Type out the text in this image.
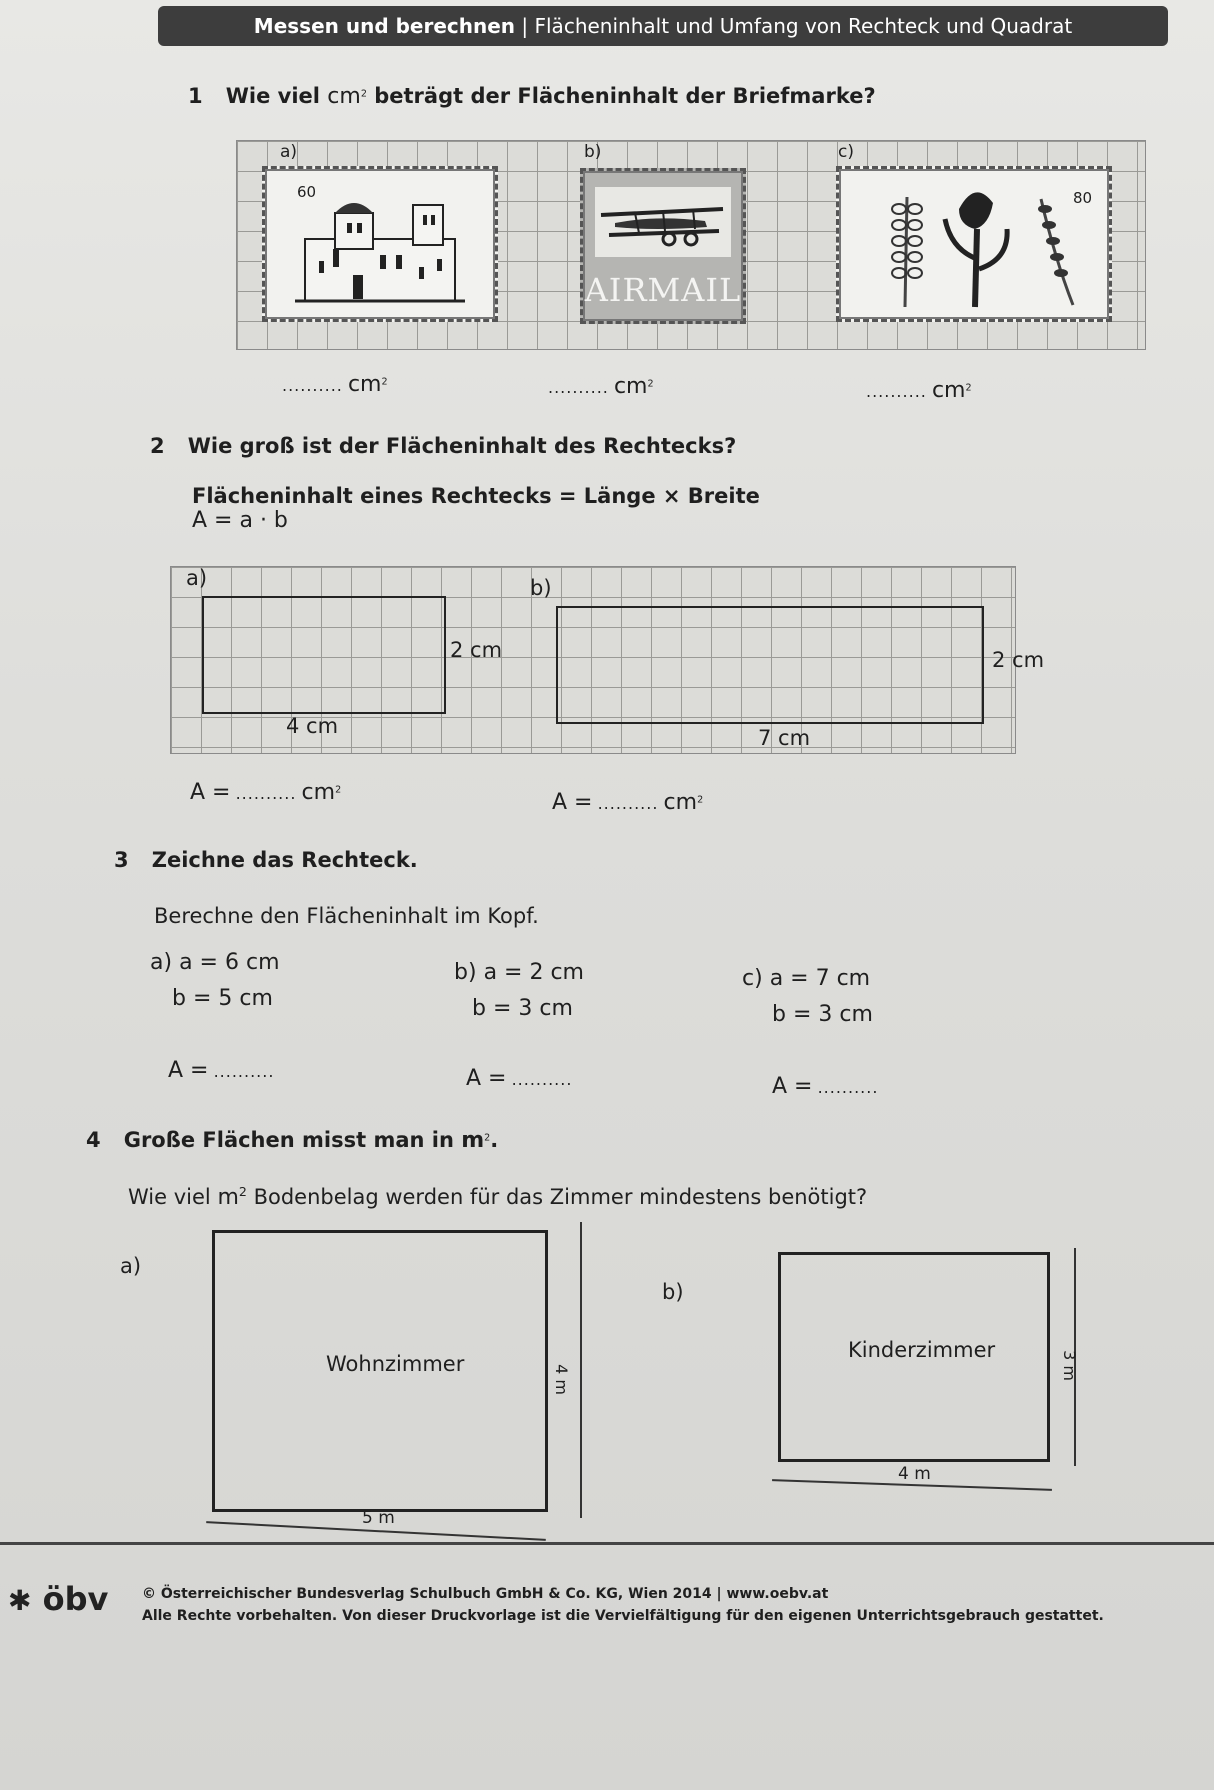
Messen und berechnen | Flächeninhalt und Umfang von Rechteck und Quadrat
1 Wie viel $cm^2$ beträgt der Flächeninhalt der Briefmarke?
a)	b)	c)
60
AIRMAIL
80
.......... $cm^2$	.......... $cm^2$	.......... $cm^2$
2 Wie groß ist der Flächeninhalt des Rechtecks?
Flächeninhalt eines Rechtecks = Länge × Breite
A = a · b
a)	b)
2 cm
4 cm
2 cm
7 cm
A = .......... $cm^2$	A = .......... $cm^2$
3 Zeichne das Rechteck.
Berechne den Flächeninhalt im Kopf.
a) a = 6 cm
b = 5 cm
A = ..........
b) a = 2 cm
b = 3 cm
A = ..........
c) a = 7 cm
b = 3 cm
A = ..........
4 Große Flächen misst man in $m^2$.
Wie viel $m^2$ Bodenbelag werden für das Zimmer mindestens benötigt?
a)
Wohnzimmer
4 m
5 m
b)
Kinderzimmer
3 m
4 m
✱ öbv © Österreichischer Bundesverlag Schulbuch GmbH & Co. KG, Wien 2014 | www.oebv.at
Alle Rechte vorbehalten. Von dieser Druckvorlage ist die Vervielfältigung für den eigenen Unterrichtsgebrauch gestattet.
